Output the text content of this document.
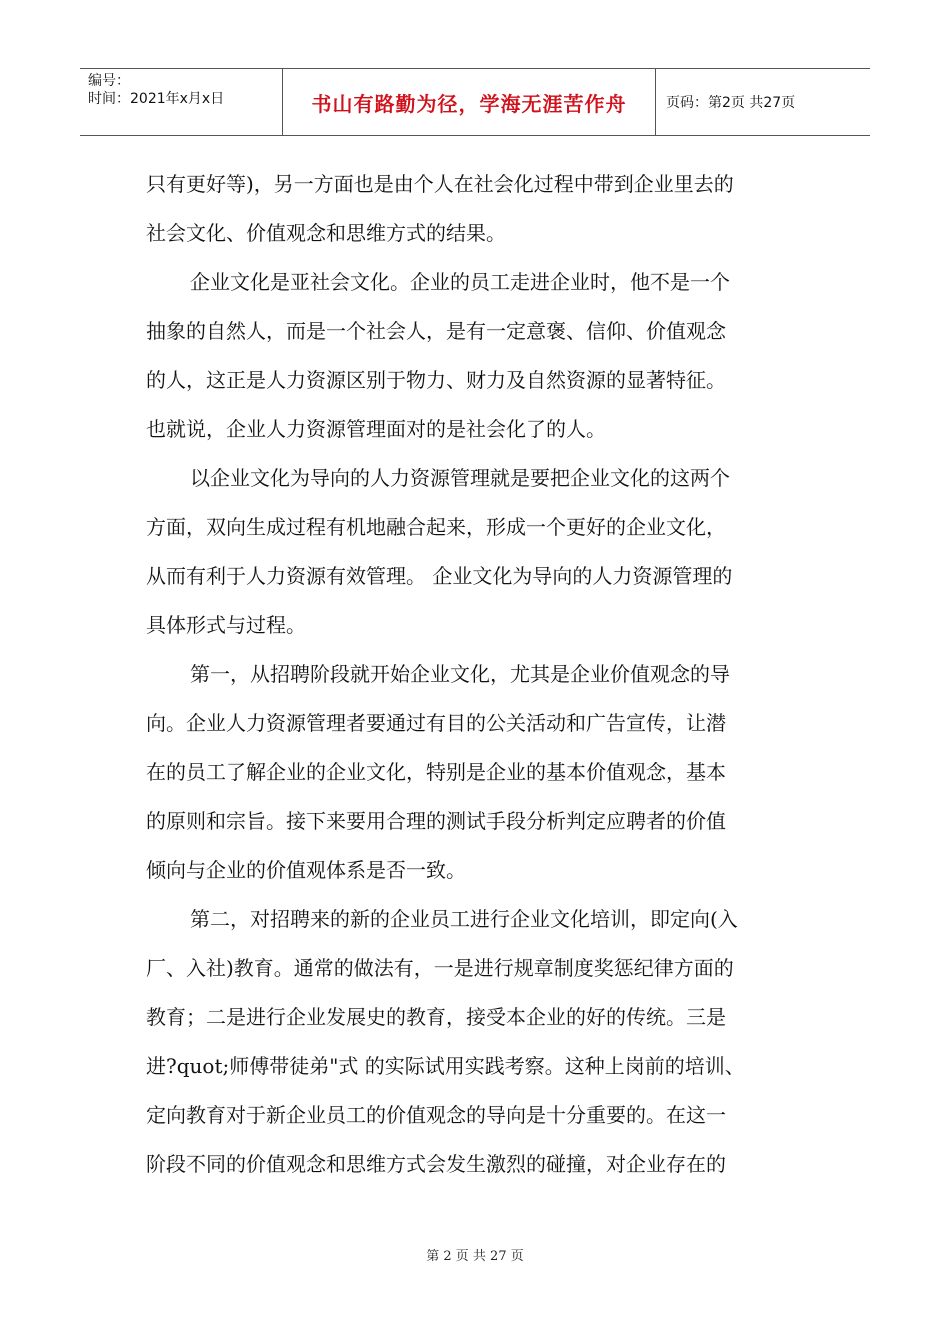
编号：
时间：2021年x月x日	书山有路勤为径，学海无涯苦作舟	页码：第2页 共27页
只有更好等)，另一方面也是由个人在社会化过程中带到企业里去的
社会文化、价值观念和思维方式的结果。
企业文化是亚社会文化。企业的员工走进企业时，他不是一个
抽象的自然人，而是一个社会人，是有一定意褒、信仰、价值观念
的人，这正是人力资源区别于物力、财力及自然资源的显著特征。
也就说，企业人力资源管理面对的是社会化了的人。
以企业文化为导向的人力资源管理就是要把企业文化的这两个
方面，双向生成过程有机地融合起来，形成一个更好的企业文化，
从而有利于人力资源有效管理。 企业文化为导向的人力资源管理的
具体形式与过程。
第一，从招聘阶段就开始企业文化，尤其是企业价值观念的导
向。企业人力资源管理者要通过有目的公关活动和广告宣传，让潜
在的员工了解企业的企业文化，特别是企业的基本价值观念，基本
的原则和宗旨。接下来要用合理的测试手段分析判定应聘者的价值
倾向与企业的价值观体系是否一致。
第二，对招聘来的新的企业员工进行企业文化培训，即定向(入
厂、入社)教育。通常的做法有，一是进行规章制度奖惩纪律方面的
教育；二是进行企业发展史的教育，接受本企业的好的传统。三是
进?quot;师傅带徒弟"式 的实际试用实践考察。这种上岗前的培训、
定向教育对于新企业员工的价值观念的导向是十分重要的。在这一
阶段不同的价值观念和思维方式会发生激烈的碰撞，对企业存在的
第 2 页 共 27 页
